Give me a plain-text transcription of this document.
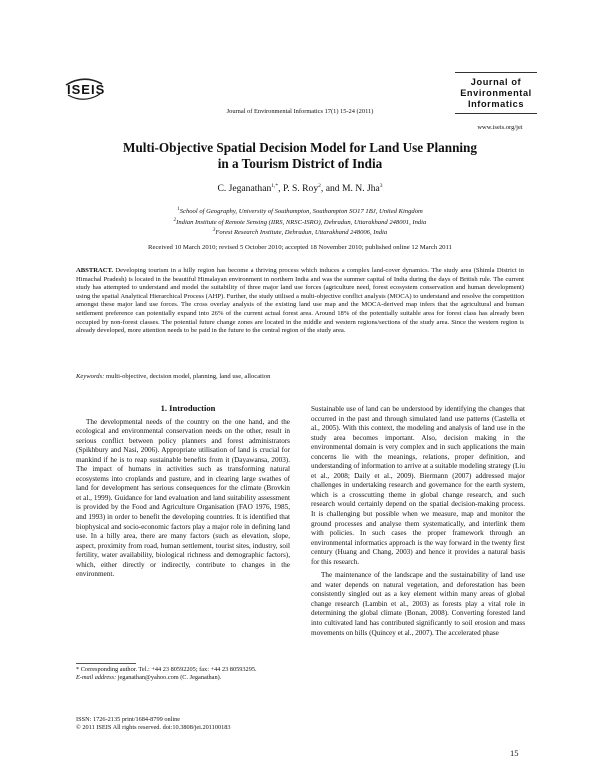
ISEIS
Journal of Environmental Informatics 17(1) 15-24 (2011)
Journal of
Environmental
Informatics
www.iseis.org/jei
Multi-Objective Spatial Decision Model for Land Use Planning
in a Tourism District of India
C. Jeganathan$^{1,*}$, P. S. Roy$^2$, and M. N. Jha$^3$
$^1$School of Geography, University of Southampton, Southampton SO17 1BJ, United Kingdom
$^2$Indian Institute of Remote Sensing (IIRS, NRSC-ISRO), Dehradun, Uttarakhand 248001, India
$^3$Forest Research Institute, Dehradun, Uttarakhand 248006, India
Received 10 March 2010; revised 5 October 2010; accepted 18 November 2010; published online 12 March 2011
ABSTRACT. Developing tourism in a hilly region has become a thriving process which induces a complex land-cover dynamics. The study area (Shimla District in Himachal Pradesh) is located in the beautiful Himalayan environment in northern India and was the summer capital of India during the days of British rule. The current study has attempted to understand and model the suitability of three major land use forces (agriculture need, forest ecosystem conservation and human development) using the spatial Analytical Hierarchical Process (AHP). Further, the study utilised a multi-objective conflict analysis (MOCA) to understand and resolve the competition amongst these major land use forces. The cross overlay analysis of the existing land use map and the MOCA-derived map infers that the agricultural and human settlement preference can potentially expand into 26% of the current actual forest area. Around 18% of the potentially suitable area for forest class has already been occupied by non-forest classes. The potential future change zones are located in the middle and western regions/sections of the study area. Since the western region is already developed, more attention needs to be paid in the future to the central region of the study area.
Keywords: multi-objective, decision model, planning, land use, allocation

1. Introduction

The developmental needs of the country on the one hand, and the ecological and environmental conservation needs on the other, result in serious conflict between policy planners and forest administrators (Spikhbury and Nasi, 2006). Appropriate utilisation of land is crucial for mankind if he is to reap sustainable benefits from it (Dayawansa, 2003). The impact of humans in activities such as transforming natural ecosystems into croplands and pasture, and in clearing large swathes of land for development has serious consequences for the climate (Brovkin et al., 1999). Guidance for land evaluation and land suitability assessment is provided by the Food and Agriculture Organisation (FAO 1976, 1985, and 1993) in order to benefit the developing countries. It is identified that biophysical and socio-economic factors play a major role in defining land use. In a hilly area, there are many factors (such as elevation, slope, aspect, proximity from road, human settlement, tourist sites, industry, soil fertility, water availability, biological richness and demographic factors), which, either directly or indirectly, contribute to changes in the environment.

Sustainable use of land can be understood by identifying the changes that occurred in the past and through simulated land use patterns (Castella et al., 2005). With this context, the modeling and analysis of land use in the study area becomes important. Also, decision making in the environmental domain is very complex and in such applications the main concerns lie with the meanings, relations, proper definition, and understanding of information to arrive at a suitable modeling strategy (Liu et al., 2008; Daily et al., 2009). Biermann (2007) addressed major challenges in undertaking research and governance for the earth system, which is a crosscutting theme in global change research, and such research would certainly depend on the spatial decision-making process. It is challenging but possible when we measure, map and monitor the ground processes and analyse them systematically, and interlink them with policies. In such cases the proper framework through an environmental informatics approach is the way forward in the twenty first century (Huang and Chang, 2003) and hence it provides a natural basis for this research.

The maintenance of the landscape and the sustainability of land use and water depends on natural vegetation, and deforestation has been consistently singled out as a key element within many areas of global change research (Lambin et al., 2003) as forests play a vital role in determining the global climate (Bonan, 2008). Converting forested land into cultivated land has contributed significantly to soil erosion and mass movements on hills (Quincey et al., 2007). The accelerated phase

* Corresponding author. Tel.: +44 23 80592205; fax: +44 23 80593295.
E-mail address: jeganathan@yahoo.com (C. Jeganathan).
ISSN: 1726-2135 print/1684-8799 online
© 2011 ISEIS All rights reserved. doi:10.3808/jei.201100183
15
